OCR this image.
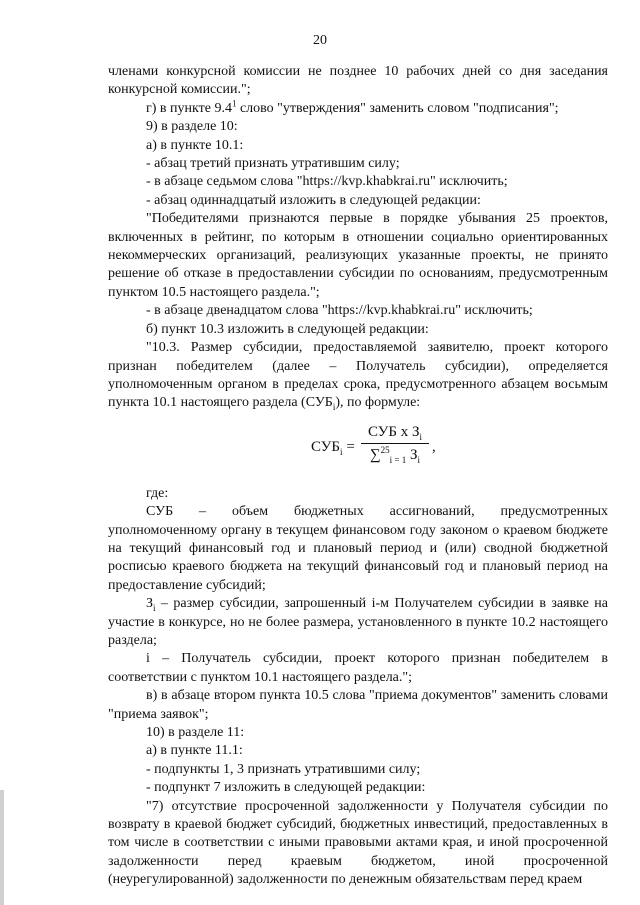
20

членами конкурсной комиссии не позднее 10 рабочих дней со дня заседания конкурсной комиссии.";

г) в пункте $9.4^1$ слово "утверждения" заменить словом "подписания";

9) в разделе 10:

а) в пункте 10.1:

- абзац третий признать утратившим силу;

- в абзаце седьмом слова "https://kvp.khabkrai.ru" исключить;

- абзац одиннадцатый изложить в следующей редакции:

"Победителями признаются первые в порядке убывания 25 проектов, включенных в рейтинг, по которым в отношении социально ориентированных некоммерческих организаций, реализующих указанные проекты, не принято решение об отказе в предоставлении субсидии по основаниям, предусмотренным пунктом 10.5 настоящего раздела.";

- в абзаце двенадцатом слова "https://kvp.khabkrai.ru" исключить;

б) пункт 10.3 изложить в следующей редакции:

"10.3. Размер субсидии, предоставляемой заявителю, проект которого признан победителем (далее – Получатель субсидии), определяется уполномоченным органом в пределах срока, предусмотренного абзацем восьмым пункта 10.1 настоящего раздела $(СУБ_i)$, по формуле:

$СУБ_i$ =
СУБ х $З_i$
∑$^{25}_{i = 1}$ $З_i$
,

где:

СУБ – объем бюджетных ассигнований, предусмотренных уполномоченному органу в текущем финансовом году законом о краевом бюджете на текущий финансовый год и плановый период и (или) сводной бюджетной росписью краевого бюджета на текущий финансовый год и плановый период на предоставление субсидий;

$З_i$ – размер субсидии, запрошенный i-м Получателем субсидии в заявке на участие в конкурсе, но не более размера, установленного в пункте 10.2 настоящего раздела;

i – Получатель субсидии, проект которого признан победителем в соответствии с пунктом 10.1 настоящего раздела.";

в) в абзаце втором пункта 10.5 слова "приема документов" заменить словами "приема заявок";

10) в разделе 11:

а) в пункте 11.1:

- подпункты 1, 3 признать утратившими силу;

- подпункт 7 изложить в следующей редакции:

"7) отсутствие просроченной задолженности у Получателя субсидии по возврату в краевой бюджет субсидий, бюджетных инвестиций, предоставленных в том числе в соответствии с иными правовыми актами края, и иной просроченной задолженности перед краевым бюджетом, иной просроченной (неурегулированной) задолженности по денежным обязательствам перед краем
